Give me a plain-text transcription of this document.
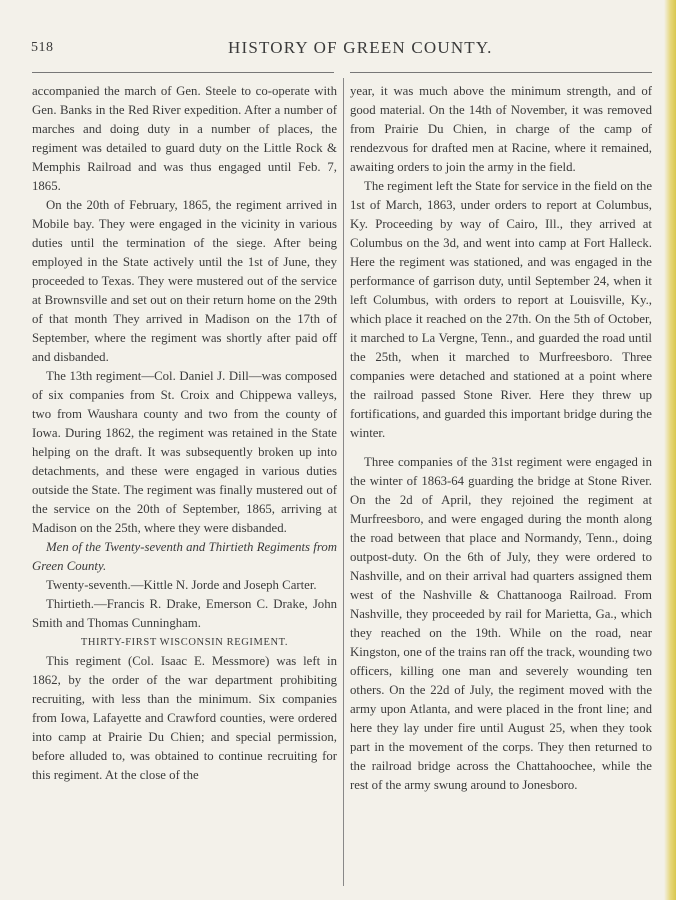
518	HISTORY OF GREEN COUNTY.

accompanied the march of Gen. Steele to co-operate with Gen. Banks in the Red River expedition. After a number of marches and doing duty in a number of places, the regiment was detailed to guard duty on the Little Rock & Memphis Railroad and was thus engaged until Feb. 7, 1865.

On the 20th of February, 1865, the regiment arrived in Mobile bay. They were engaged in the vicinity in various duties until the termination of the siege. After being employed in the State actively until the 1st of June, they proceeded to Texas. They were mustered out of the service at Brownsville and set out on their return home on the 29th of that month They arrived in Madison on the 17th of September, where the regiment was shortly after paid off and disbanded.

The 13th regiment—Col. Daniel J. Dill—was composed of six companies from St. Croix and Chippewa valleys, two from Waushara county and two from the county of Iowa. During 1862, the regiment was retained in the State helping on the draft. It was subsequently broken up into detachments, and these were engaged in various duties outside the State. The regiment was finally mustered out of the service on the 20th of September, 1865, arriving at Madison on the 25th, where they were disbanded.

Men of the Twenty-seventh and Thirtieth Regiments from Green County.

Twenty-seventh.—Kittle N. Jorde and Joseph Carter.

Thirtieth.—Francis R. Drake, Emerson C. Drake, John Smith and Thomas Cunningham.

THIRTY-FIRST WISCONSIN REGIMENT.

This regiment (Col. Isaac E. Messmore) was left in 1862, by the order of the war department prohibiting recruiting, with less than the minimum. Six companies from Iowa, Lafayette and Crawford counties, were ordered into camp at Prairie Du Chien; and special permission, before alluded to, was obtained to continue recruiting for this regiment. At the close of the

year, it was much above the minimum strength, and of good material. On the 14th of November, it was removed from Prairie Du Chien, in charge of the camp of rendezvous for drafted men at Racine, where it remained, awaiting orders to join the army in the field.

The regiment left the State for service in the field on the 1st of March, 1863, under orders to report at Columbus, Ky. Proceeding by way of Cairo, Ill., they arrived at Columbus on the 3d, and went into camp at Fort Halleck. Here the regiment was stationed, and was engaged in the performance of garrison duty, until September 24, when it left Columbus, with orders to report at Louisville, Ky., which place it reached on the 27th. On the 5th of October, it marched to La Vergne, Tenn., and guarded the road until the 25th, when it marched to Murfreesboro. Three companies were detached and stationed at a point where the railroad passed Stone River. Here they threw up fortifications, and guarded this important bridge during the winter.

Three companies of the 31st regiment were engaged in the winter of 1863-64 guarding the bridge at Stone River. On the 2d of April, they rejoined the regiment at Murfreesboro, and were engaged during the month along the road between that place and Normandy, Tenn., doing outpost-duty. On the 6th of July, they were ordered to Nashville, and on their arrival had quarters assigned them west of the Nashville & Chattanooga Railroad. From Nashville, they proceeded by rail for Marietta, Ga., which they reached on the 19th. While on the road, near Kingston, one of the trains ran off the track, wounding two officers, killing one man and severely wounding ten others. On the 22d of July, the regiment moved with the army upon Atlanta, and were placed in the front line; and here they lay under fire until August 25, when they took part in the movement of the corps. They then returned to the railroad bridge across the Chattahoochee, while the rest of the army swung around to Jonesboro.
